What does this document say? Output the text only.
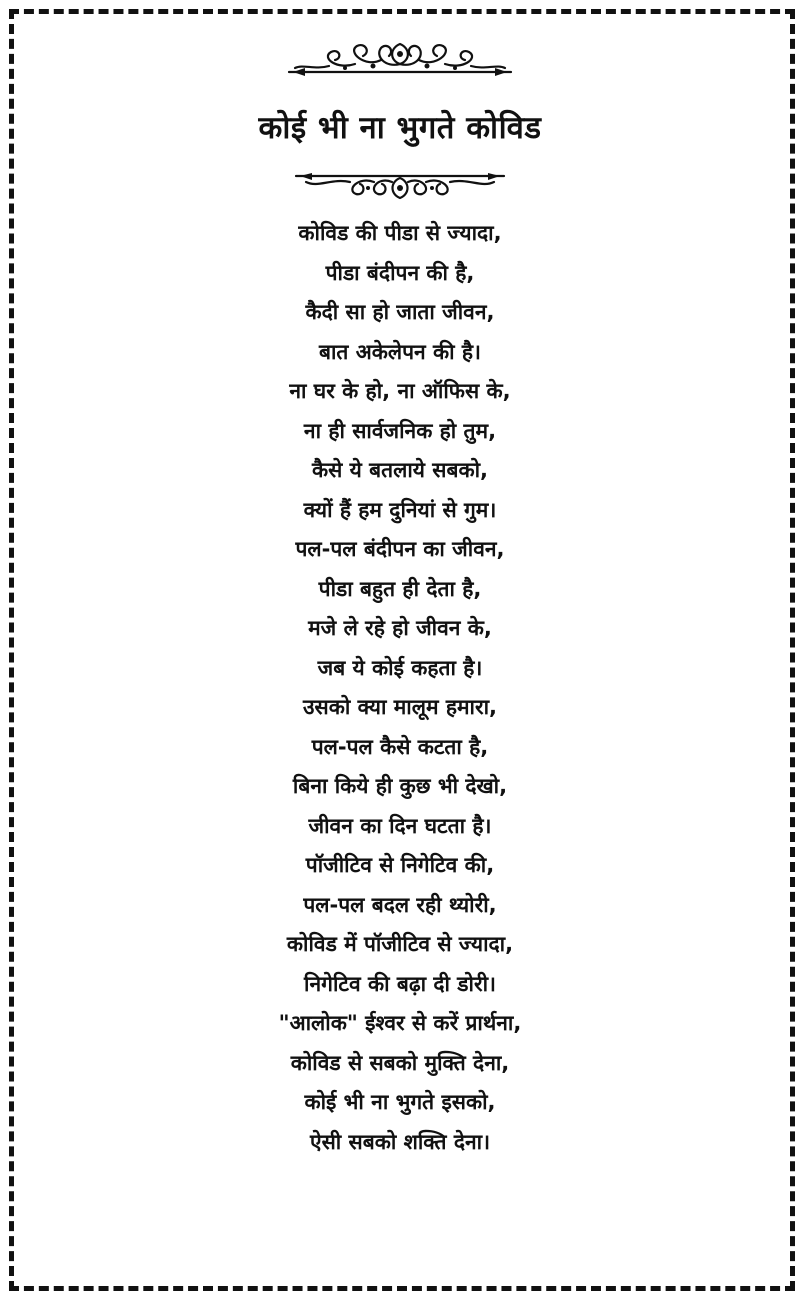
कोई भी ना भुगते कोविड
कोविड की पीडा से ज्यादा,
पीडा बंदीपन की है,
कैदी सा हो जाता जीवन,
बात अकेलेपन की है।
ना घर के हो, ना ऑफिस के,
ना ही सार्वजनिक हो तुम,
कैसे ये बतलाये सबको,
क्यों हैं हम दुनियां से गुम।
पल-पल बंदीपन का जीवन,
पीडा बहुत ही देता है,
मजे ले रहे हो जीवन के,
जब ये कोई कहता है।
उसको क्या मालूम हमारा,
पल-पल कैसे कटता है,
बिना किये ही कुछ भी देखो,
जीवन का दिन घटता है।
पॉजीटिव से निगेटिव की,
पल-पल बदल रही थ्योरी,
कोविड में पॉजीटिव से ज्यादा,
निगेटिव की बढ़ा दी डोरी।
"आलोक" ईश्वर से करें प्रार्थना,
कोविड से सबको मुक्ति देना,
कोई भी ना भुगते इसको,
ऐसी सबको शक्ति देना।
